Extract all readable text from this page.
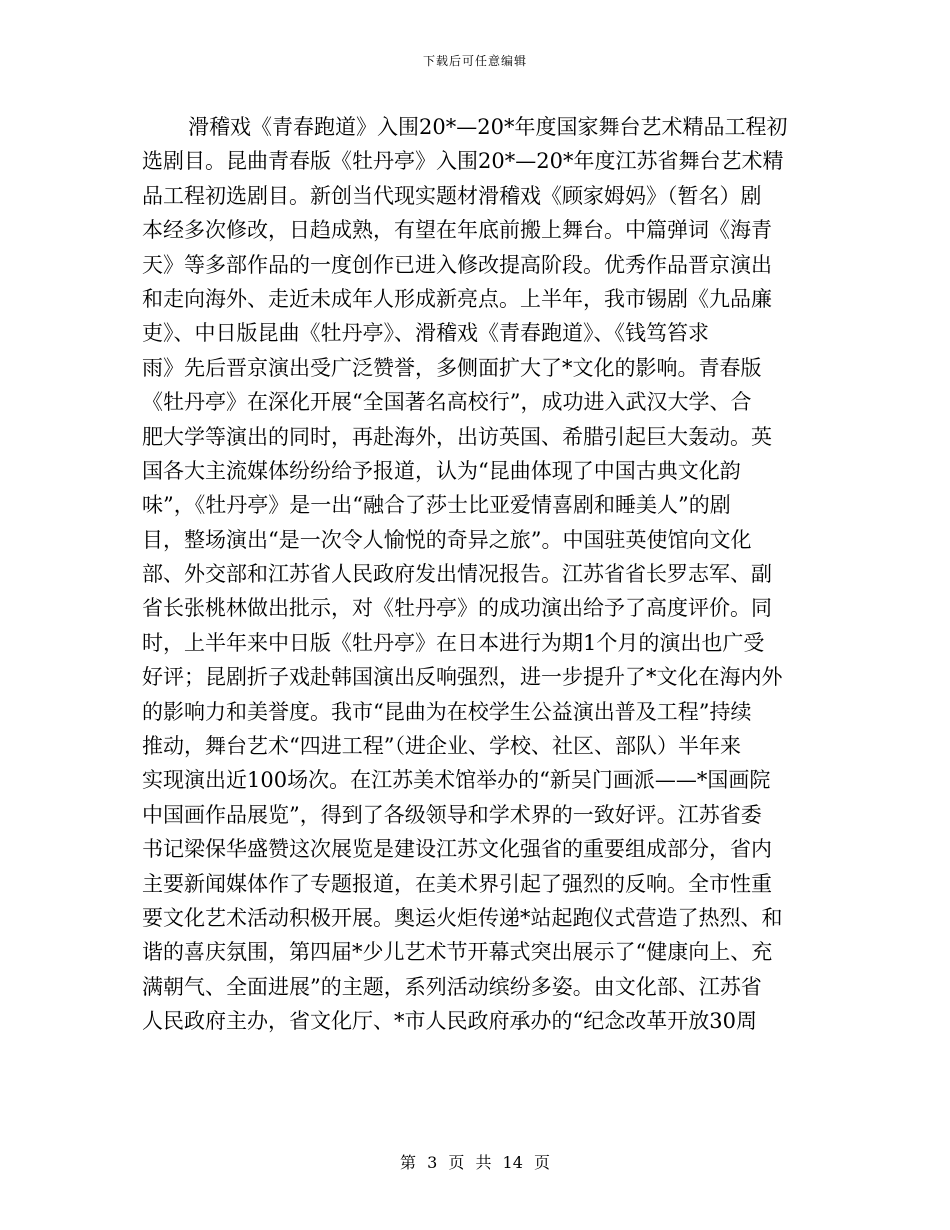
下载后可任意编辑
滑稽戏《青春跑道》入围20*—20*年度国家舞台艺术精品工程初
选剧目。昆曲青春版《牡丹亭》入围20*—20*年度江苏省舞台艺术精
品工程初选剧目。新创当代现实题材滑稽戏《顾家姆妈》（暂名）剧
本经多次修改，日趋成熟，有望在年底前搬上舞台。中篇弹词《海青
天》等多部作品的一度创作已进入修改提高阶段。优秀作品晋京演出
和走向海外、走近未成年人形成新亮点。上半年，我市锡剧《九品廉
吏》、中日版昆曲《牡丹亭》、滑稽戏《青春跑道》、《钱笃笞求
雨》先后晋京演出受广泛赞誉，多侧面扩大了*文化的影响。青春版
《牡丹亭》在深化开展“全国著名高校行”，成功进入武汉大学、合
肥大学等演出的同时，再赴海外，出访英国、希腊引起巨大轰动。英
国各大主流媒体纷纷给予报道，认为“昆曲体现了中国古典文化韵
味”，《牡丹亭》是一出“融合了莎士比亚爱情喜剧和睡美人”的剧
目，整场演出“是一次令人愉悦的奇异之旅”。中国驻英使馆向文化
部、外交部和江苏省人民政府发出情况报告。江苏省省长罗志军、副
省长张桃林做出批示，对《牡丹亭》的成功演出给予了高度评价。同
时，上半年来中日版《牡丹亭》在日本进行为期1个月的演出也广受
好评；昆剧折子戏赴韩国演出反响强烈，进一步提升了*文化在海内外
的影响力和美誉度。我市“昆曲为在校学生公益演出普及工程”持续
推动，舞台艺术“四进工程”（进企业、学校、社区、部队）半年来
实现演出近100场次。在江苏美术馆举办的“新吴门画派——*国画院
中国画作品展览”，得到了各级领导和学术界的一致好评。江苏省委
书记梁保华盛赞这次展览是建设江苏文化强省的重要组成部分，省内
主要新闻媒体作了专题报道，在美术界引起了强烈的反响。全市性重
要文化艺术活动积极开展。奥运火炬传递*站起跑仪式营造了热烈、和
谐的喜庆氛围，第四届*少儿艺术节开幕式突出展示了“健康向上、充
满朝气、全面进展”的主题，系列活动缤纷多姿。由文化部、江苏省
人民政府主办，省文化厅、*市人民政府承办的“纪念改革开放30周
第 3 页 共 14 页
